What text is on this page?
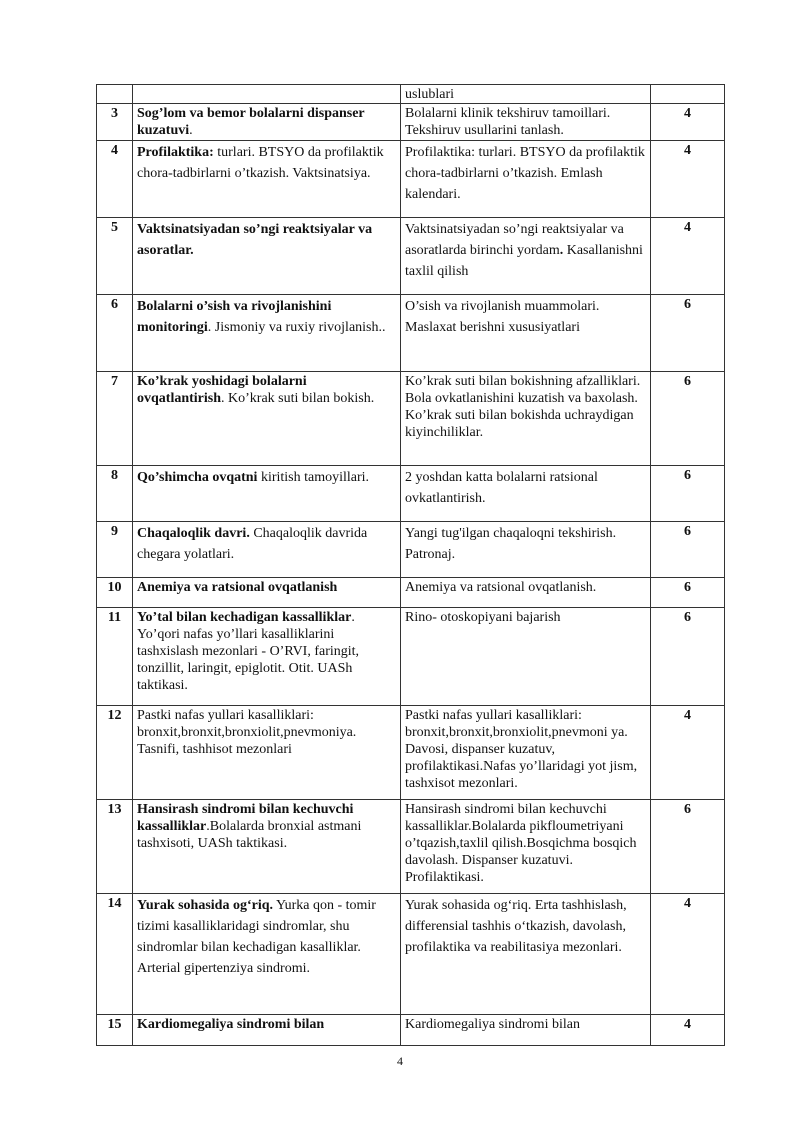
		uslublari	
3	Sog’lom va bemor bolalarni dispanser kuzatuvi.	Bolalarni klinik tekshiruv tamoillari. Tekshiruv usullarini tanlash.	4
4	Profilaktika: turlari. BTSYO da profilaktik chora-tadbirlarni o’tkazish. Vaktsinatsiya.	Profilaktika: turlari. BTSYO da profilaktik chora-tadbirlarni o’tkazish. Emlash kalendari.	4
5	Vaktsinatsiyadan so’ngi reaktsiyalar va asoratlar.	Vaktsinatsiyadan so’ngi reaktsiyalar va asoratlarda birinchi yordam. Kasallanishni taxlil qilish	4
6	Bolalarni o’sish va rivojlanishini monitoringi. Jismoniy va ruxiy rivojlanish..	O’sish va rivojlanish muammolari. Maslaxat berishni xususiyatlari	6
7	Ko’krak yoshidagi bolalarni ovqatlantirish. Ko’krak suti bilan bokish.	Ko’krak suti bilan bokishning afzalliklari. Bola ovkatlanishini kuzatish va baxolash. Ko’krak suti bilan bokishda uchraydigan kiyinchiliklar.	6
8	Qo’shimcha ovqatni kiritish tamoyillari.	2 yoshdan katta bolalarni ratsional ovkatlantirish.	6
9	Chaqaloqlik davri. Chaqaloqlik davrida chegara yolatlari.	Yangi tug'ilgan chaqaloqni tekshirish. Patronaj.	6
10	Anemiya va ratsional ovqatlanish	Anemiya va ratsional ovqatlanish.	6
11	Yo’tal bilan kechadigan kassalliklar. Yo’qori nafas yo’llari kasalliklarini tashxislash mezonlari - O’RVI, faringit, tonzillit, laringit, epiglotit. Otit. UASh taktikasi.	Rino- otoskopiyani bajarish	6
12	Pastki nafas yullari kasalliklari: bronxit,bronxit,bronxiolit,pnevmoniya. Tasnifi, tashhisot mezonlari	Pastki nafas yullari kasalliklari: bronxit,bronxit,bronxiolit,pnevmoni ya. Davosi, dispanser kuzatuv, profilaktikasi.Nafas yo’llaridagi yot jism, tashxisot mezonlari.	4
13	Hansirash sindromi bilan kechuvchi kassalliklar.Bolalarda bronxial astmani tashxisoti, UASh taktikasi.	Hansirash sindromi bilan kechuvchi kassalliklar.Bolalarda pikfloumetriyani o’tqazish,taxlil qilish.Bosqichma bosqich davolash. Dispanser kuzatuvi. Profilaktikasi.	6
14	Yurak sohasida og‘riq. Yurka qon - tomir tizimi kasalliklaridagi sindromlar, shu sindromlar bilan kechadigan kasalliklar. Arterial gipertenziya sindromi.	Yurak sohasida og‘riq. Erta tashhislash, differensial tashhis o‘tkazish, davolash, profilaktika va reabilitasiya mezonlari.	4
15	Kardiomegaliya sindromi bilan	Kardiomegaliya sindromi bilan	4
4
